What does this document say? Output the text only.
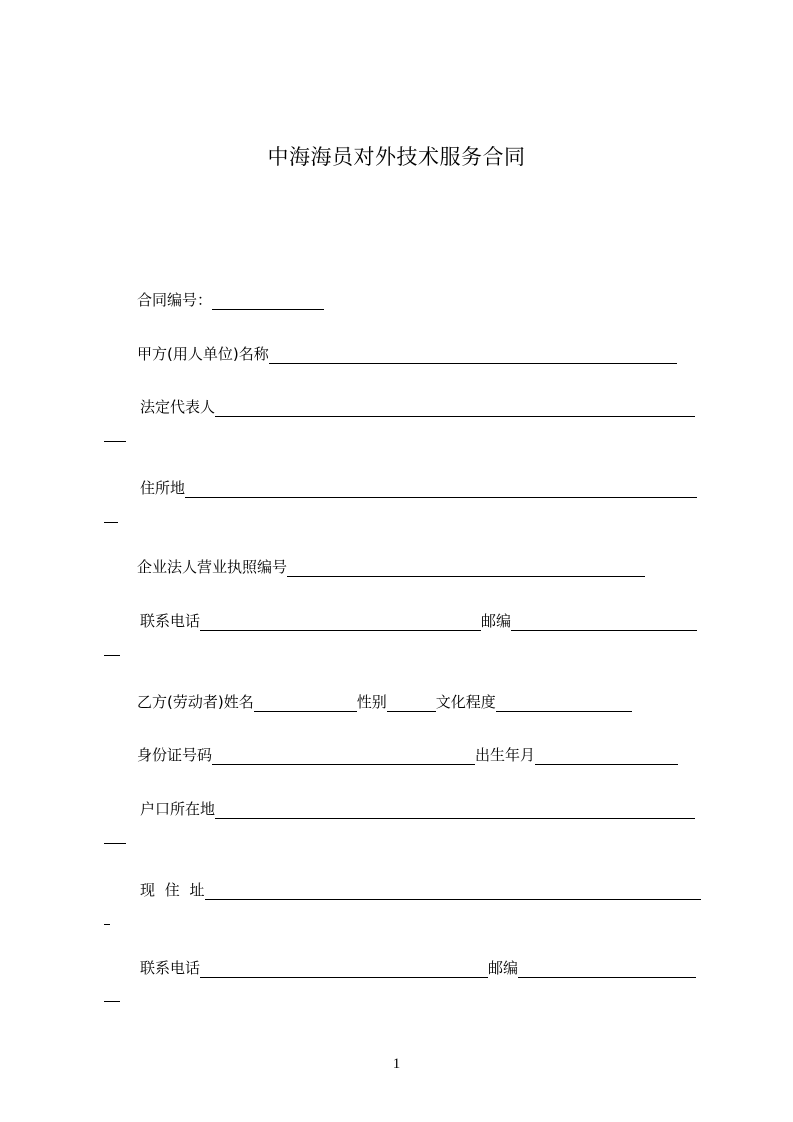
中海海员对外技术服务合同
合同编号：
甲方(用人单位)名称
法定代表人
住所地
企业法人营业执照编号
联系电话	邮编
乙方(劳动者)姓名	性别	文化程度
身份证号码	出生年月
户口所在地
现 住 址
联系电话	邮编
1
